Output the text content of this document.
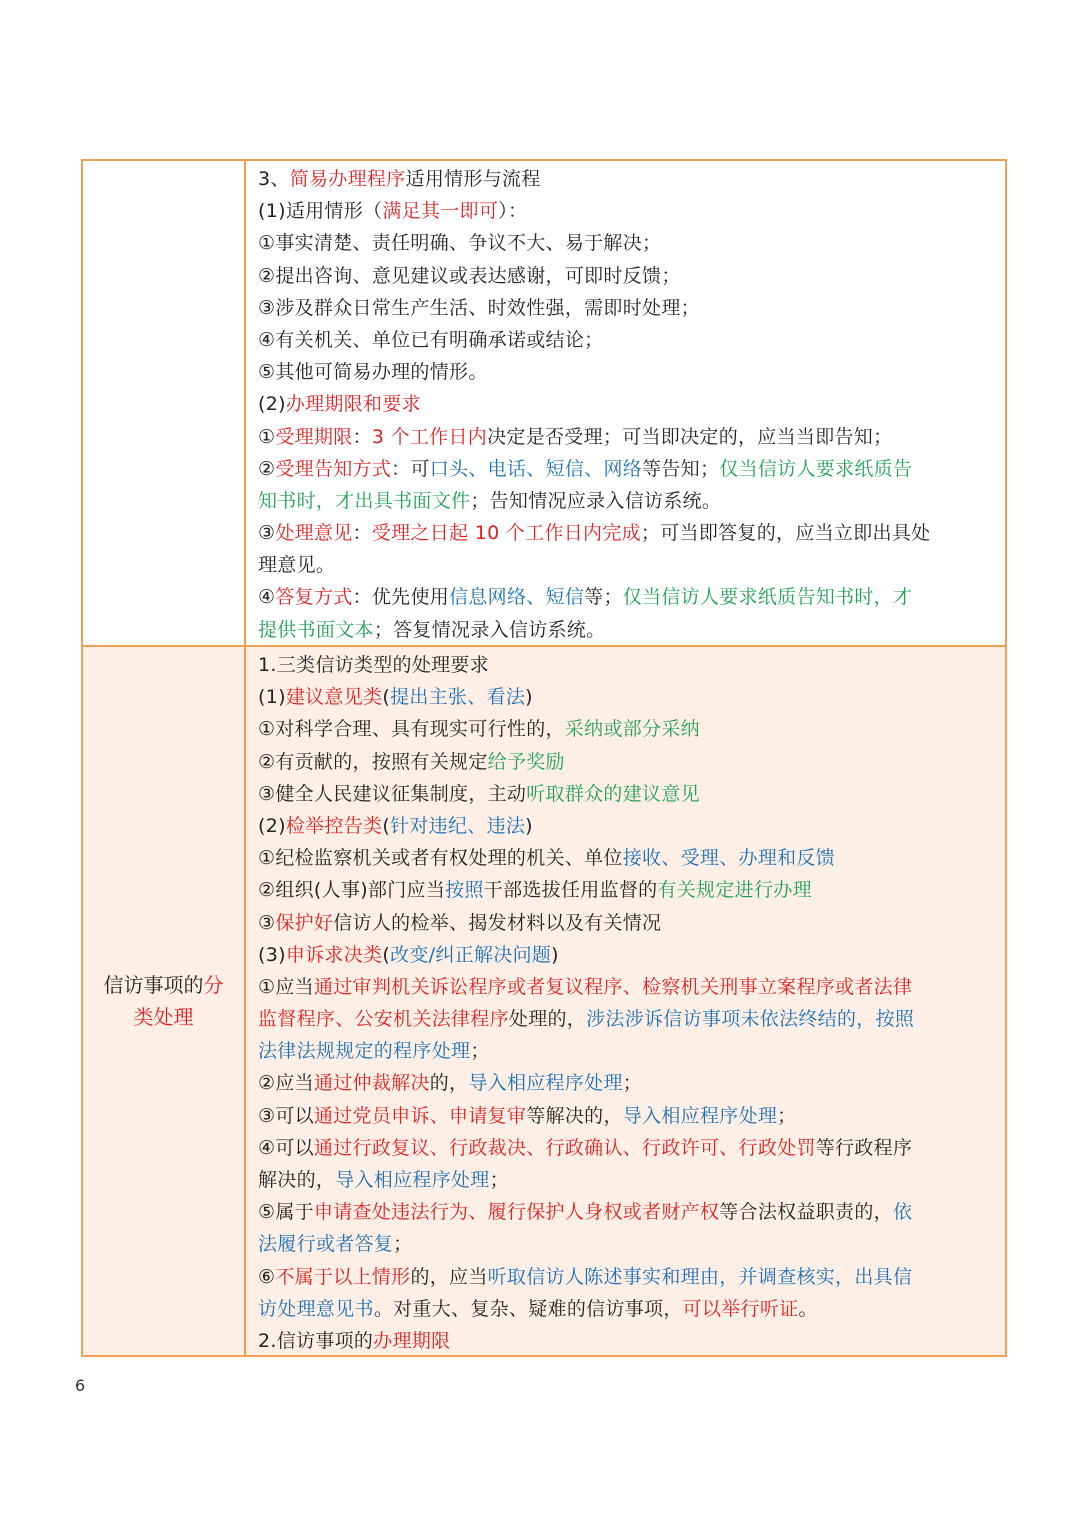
3、简易办理程序适用情形与流程
(1)适用情形（满足其一即可）：
①事实清楚、责任明确、争议不大、易于解决；
②提出咨询、意见建议或表达感谢，可即时反馈；
③涉及群众日常生产生活、时效性强，需即时处理；
④有关机关、单位已有明确承诺或结论；
⑤其他可简易办理的情形。
(2)办理期限和要求
①受理期限：3 个工作日内决定是否受理；可当即决定的，应当当即告知；
②受理告知方式：可口头、电话、短信、网络等告知；仅当信访人要求纸质告
知书时，才出具书面文件；告知情况应录入信访系统。
③处理意见：受理之日起 10 个工作日内完成；可当即答复的，应当立即出具处
理意见。
④答复方式：优先使用信息网络、短信等；仅当信访人要求纸质告知书时，才
提供书面文本；答复情况录入信访系统。
信访事项的分
类处理
1.三类信访类型的处理要求
(1)建议意见类(提出主张、看法)
①对科学合理、具有现实可行性的，采纳或部分采纳
②有贡献的，按照有关规定给予奖励
③健全人民建议征集制度，主动听取群众的建议意见
(2)检举控告类(针对违纪、违法)
①纪检监察机关或者有权处理的机关、单位接收、受理、办理和反馈
②组织(人事)部门应当按照干部选拔任用监督的有关规定进行办理
③保护好信访人的检举、揭发材料以及有关情况
(3)申诉求决类(改变/纠正解决问题)
①应当通过审判机关诉讼程序或者复议程序、检察机关刑事立案程序或者法律
监督程序、公安机关法律程序处理的，涉法涉诉信访事项未依法终结的，按照
法律法规规定的程序处理；
②应当通过仲裁解决的，导入相应程序处理；
③可以通过党员申诉、申请复审等解决的，导入相应程序处理；
④可以通过行政复议、行政裁决、行政确认、行政许可、行政处罚等行政程序
解决的，导入相应程序处理；
⑤属于申请查处违法行为、履行保护人身权或者财产权等合法权益职责的，依
法履行或者答复；
⑥不属于以上情形的，应当听取信访人陈述事实和理由，并调查核实，出具信
访处理意见书。对重大、复杂、疑难的信访事项，可以举行听证。
2.信访事项的办理期限
6
